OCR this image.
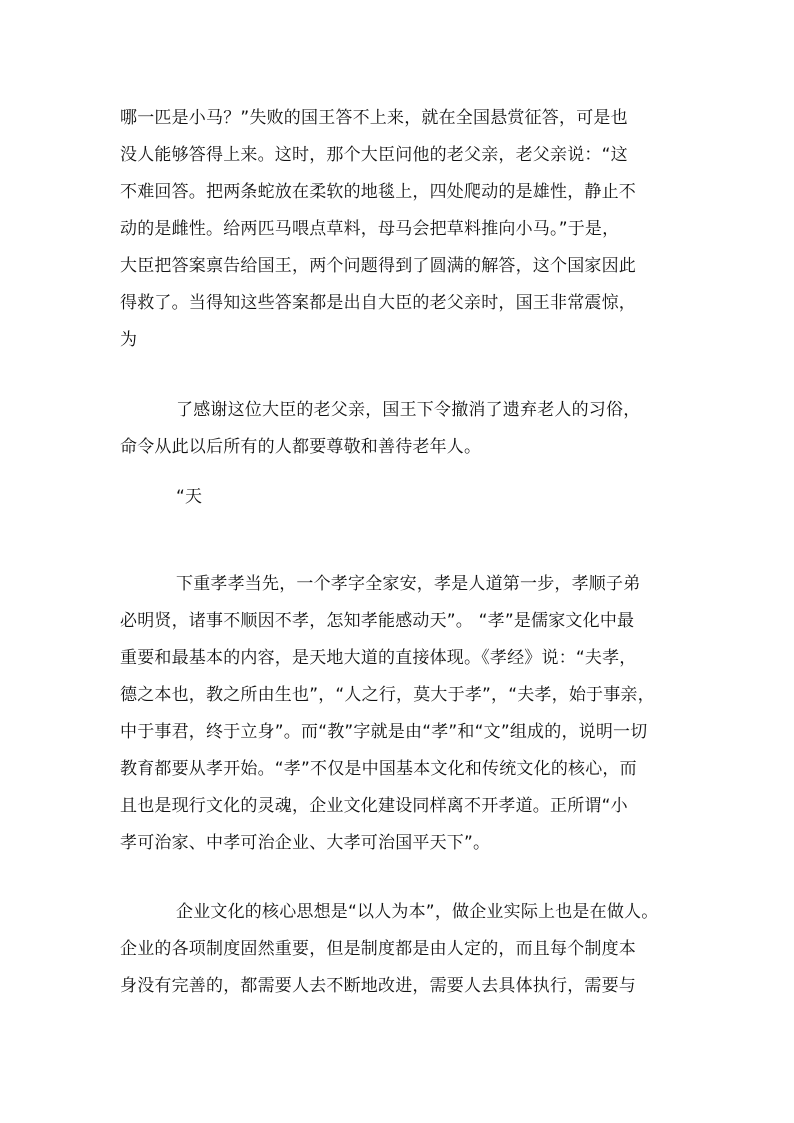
哪一匹是小马？”失败的国王答不上来，就在全国悬赏征答，可是也
没人能够答得上来。这时，那个大臣问他的老父亲，老父亲说：“这
不难回答。把两条蛇放在柔软的地毯上，四处爬动的是雄性，静止不
动的是雌性。给两匹马喂点草料，母马会把草料推向小马。”于是，
大臣把答案禀告给国王，两个问题得到了圆满的解答，这个国家因此
得救了。当得知这些答案都是出自大臣的老父亲时，国王非常震惊，
为
了感谢这位大臣的老父亲，国王下令撤消了遗弃老人的习俗，
命令从此以后所有的人都要尊敬和善待老年人。
“天
下重孝孝当先，一个孝字全家安，孝是人道第一步，孝顺子弟
必明贤，诸事不顺因不孝，怎知孝能感动天”。 “孝”是儒家文化中最
重要和最基本的内容，是天地大道的直接体现。《孝经》说：“夫孝，
德之本也，教之所由生也”，“人之行，莫大于孝”，“夫孝，始于事亲，
中于事君，终于立身”。而“教”字就是由“孝”和“文”组成的，说明一切
教育都要从孝开始。“孝”不仅是中国基本文化和传统文化的核心，而
且也是现行文化的灵魂，企业文化建设同样离不开孝道。正所谓“小
孝可治家、中孝可治企业、大孝可治国平天下”。
企业文化的核心思想是“以人为本”，做企业实际上也是在做人。
企业的各项制度固然重要，但是制度都是由人定的，而且每个制度本
身没有完善的，都需要人去不断地改进，需要人去具体执行，需要与
